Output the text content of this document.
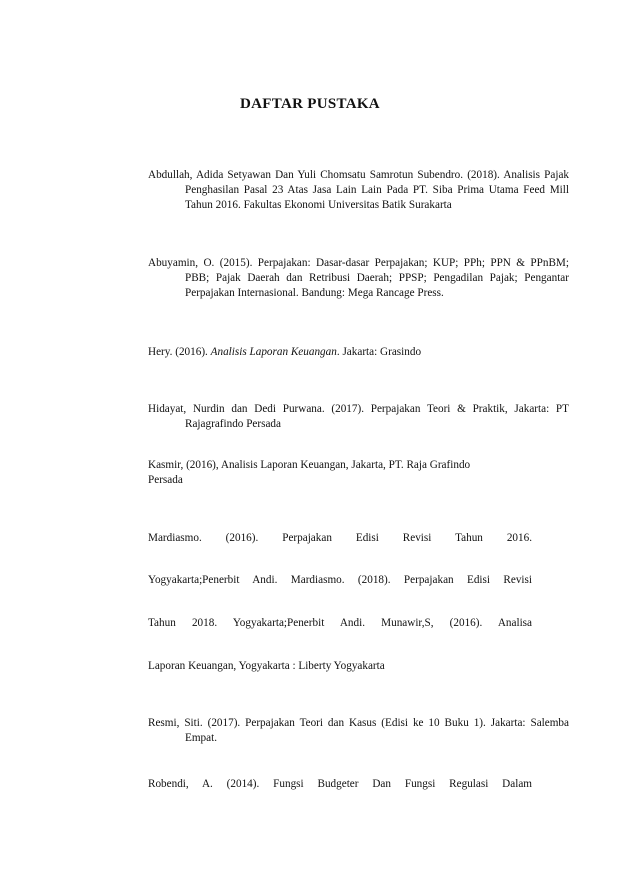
DAFTAR PUSTAKA

Abdullah, Adida Setyawan Dan Yuli Chomsatu Samrotun Subendro. (2018). Analisis Pajak Penghasilan Pasal 23 Atas Jasa Lain Lain Pada PT. Siba Prima Utama Feed Mill Tahun 2016. Fakultas Ekonomi Universitas Batik Surakarta

Abuyamin, O. (2015). Perpajakan: Dasar-dasar Perpajakan; KUP; PPh; PPN & PPnBM; PBB; Pajak Daerah dan Retribusi Daerah; PPSP; Pengadilan Pajak; Pengantar Perpajakan Internasional. Bandung: Mega Rancage Press.

Hery. (2016). Analisis Laporan Keuangan. Jakarta: Grasindo

Hidayat, Nurdin dan Dedi Purwana. (2017). Perpajakan Teori & Praktik, Jakarta: PT Rajagrafindo Persada

Kasmir, (2016), Analisis Laporan Keuangan, Jakarta, PT. Raja Grafindo

Persada

Mardiasmo. (2016). Perpajakan Edisi Revisi Tahun 2016.

Yogyakarta;Penerbit Andi. Mardiasmo. (2018). Perpajakan Edisi Revisi

Tahun 2018. Yogyakarta;Penerbit Andi. Munawir,S, (2016). Analisa

Laporan Keuangan, Yogyakarta : Liberty Yogyakarta

Resmi, Siti. (2017). Perpajakan Teori dan Kasus (Edisi ke 10 Buku 1). Jakarta: Salemba Empat.

Robendi, A. (2014). Fungsi Budgeter Dan Fungsi Regulasi Dalam
